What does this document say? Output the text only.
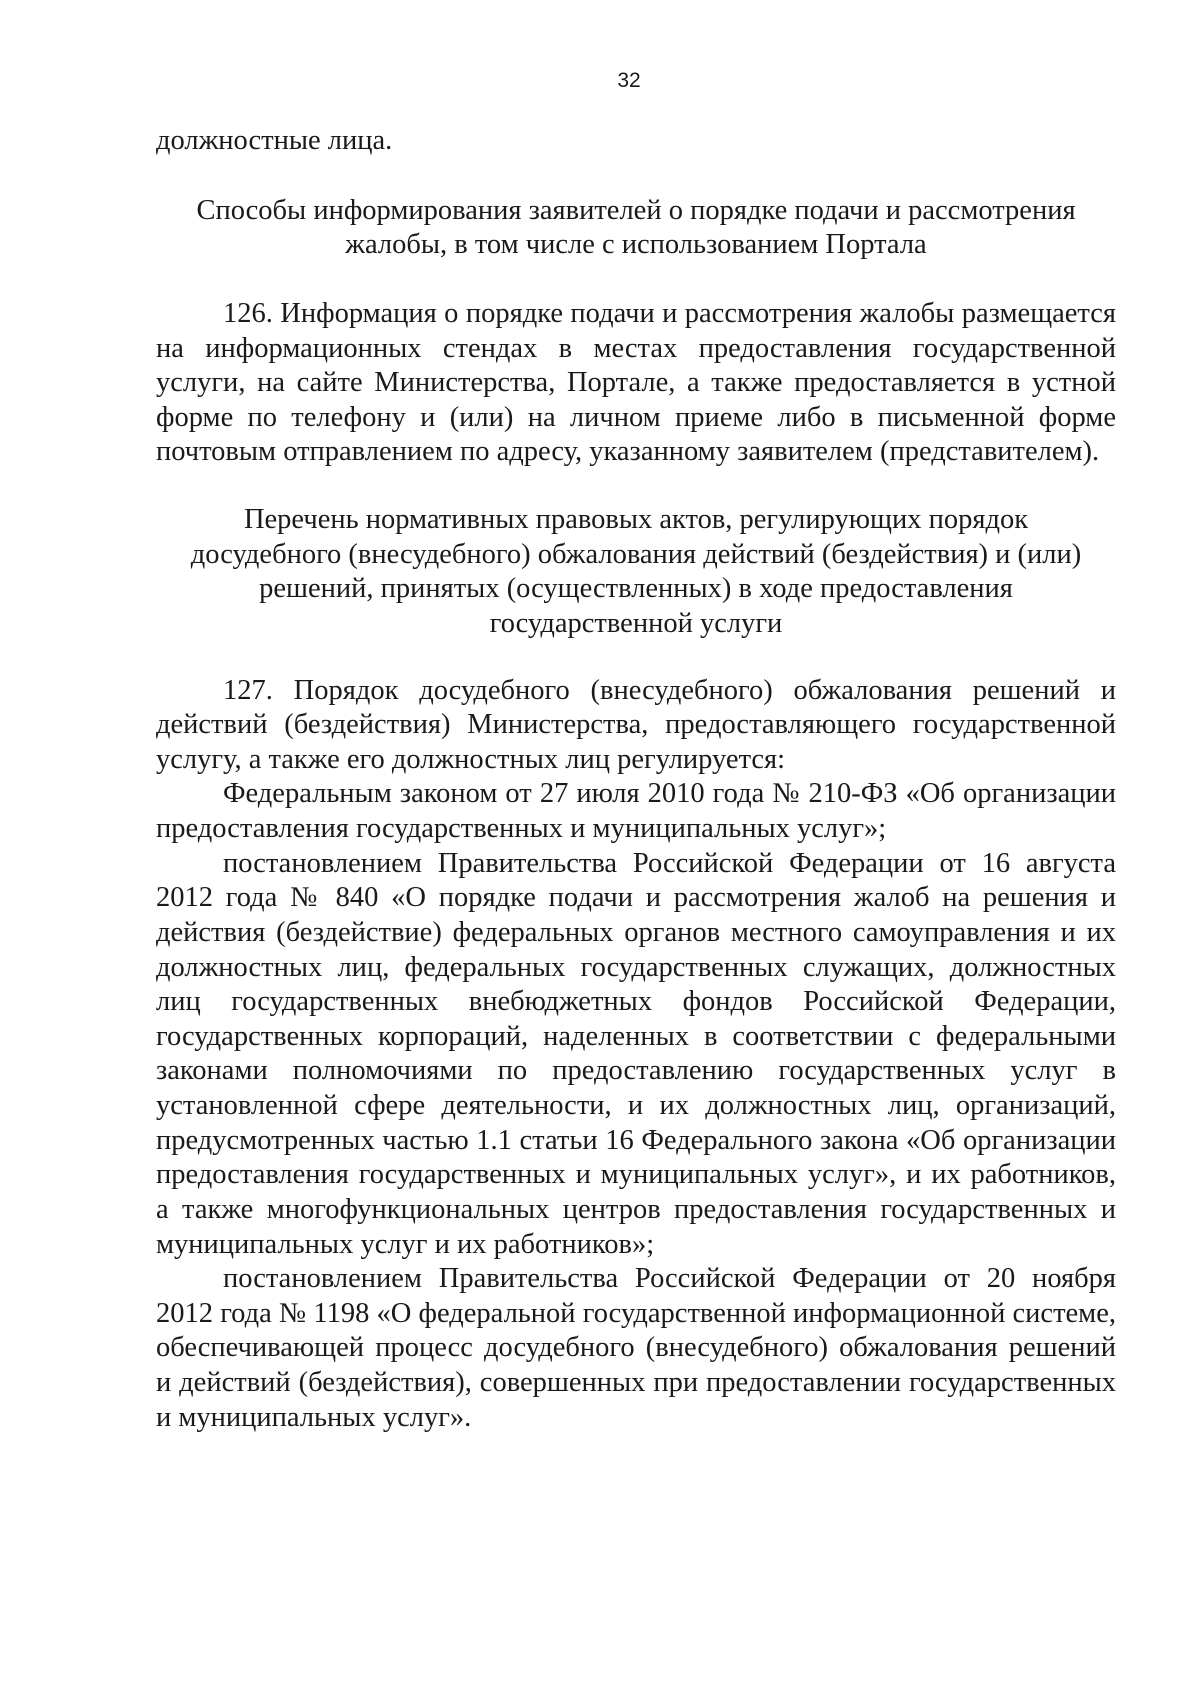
32

должностные лица.

Способы информирования заявителей о порядке подачи и рассмотрения
жалобы, в том числе с использованием Портала

126. Информация о порядке подачи и рассмотрения жалобы размещается на информационных стендах в местах предоставления государственной услуги, на сайте Министерства, Портале, а также предоставляется в устной форме по телефону и (или) на личном приеме либо в письменной форме почтовым отправлением по адресу, указанному заявителем (представителем).

Перечень нормативных правовых актов, регулирующих порядок
досудебного (внесудебного) обжалования действий (бездействия) и (или)
решений, принятых (осуществленных) в ходе предоставления
государственной услуги

127. Порядок досудебного (внесудебного) обжалования решений и действий (бездействия) Министерства, предоставляющего государственной услугу, а также его должностных лиц регулируется:

Федеральным законом от 27 июля 2010 года № 210-ФЗ «Об организации предоставления государственных и муниципальных услуг»;

постановлением Правительства Российской Федерации от 16 августа 2012 года № 840 «О порядке подачи и рассмотрения жалоб на решения и действия (бездействие) федеральных органов местного самоуправления и их должностных лиц, федеральных государственных служащих, должностных лиц государственных внебюджетных фондов Российской Федерации, государственных корпораций, наделенных в соответствии с федеральными законами полномочиями по предоставлению государственных услуг в установленной сфере деятельности, и их должностных лиц, организаций, предусмотренных частью 1.1 статьи 16 Федерального закона «Об организации предоставления государственных и муниципальных услуг», и их работников, а также многофункциональных центров предоставления государственных и муниципальных услуг и их работников»;

постановлением Правительства Российской Федерации от 20 ноября 2012 года № 1198 «О федеральной государственной информационной системе, обеспечивающей процесс досудебного (внесудебного) обжалования решений и действий (бездействия), совершенных при предоставлении государственных и муниципальных услуг».
